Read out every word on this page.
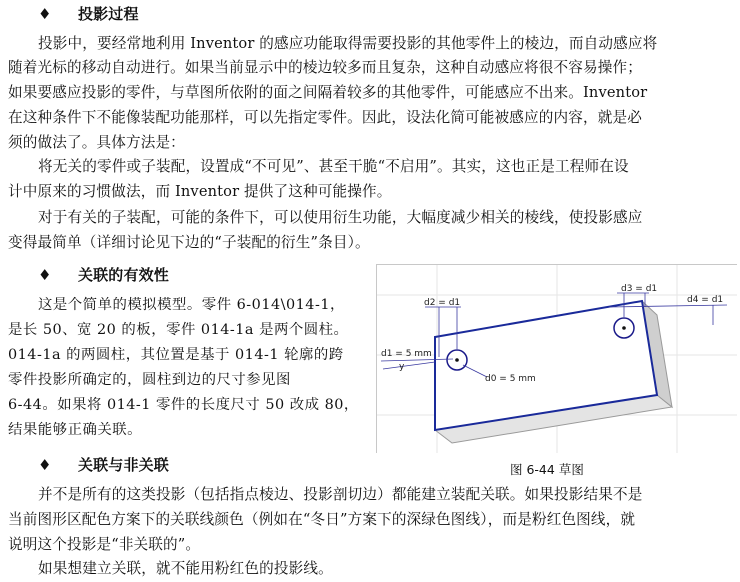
♦ 投影过程
投影中，要经常地利用 Inventor 的感应功能取得需要投影的其他零件上的棱边，而自动感应将
随着光标的移动自动进行。如果当前显示中的棱边较多而且复杂，这种自动感应将很不容易操作；
如果要感应投影的零件，与草图所依附的面之间隔着较多的其他零件，可能感应不出来。Inventor
在这种条件下不能像装配功能那样，可以先指定零件。因此，设法化简可能被感应的内容，就是必
须的做法了。具体方法是：
将无关的零件或子装配，设置成“不可见”、甚至干脆“不启用”。其实，这也正是工程师在设
计中原来的习惯做法，而 Inventor 提供了这种可能操作。
对于有关的子装配，可能的条件下，可以使用衍生功能，大幅度减少相关的棱线，使投影感应
变得最简单（详细讨论见下边的“子装配的衍生”条目）。
♦ 关联的有效性
这是个简单的模拟模型。零件 6-014\014-1，
是长 50、宽 20 的板，零件 014-1a 是两个圆柱。
014-1a 的两圆柱，其位置是基于 014-1 轮廓的跨
零件投影所确定的，圆柱到边的尺寸参见图
6-44。如果将 014-1 零件的长度尺寸 50 改成 80，
结果能够正确关联。
d2 = d1
d3 = d1
d4 = d1
d1 = 5 mm
d0 = 5 mm
y
图 6-44 草图
♦ 关联与非关联
并不是所有的这类投影（包括指点棱边、投影剖切边）都能建立装配关联。如果投影结果不是
当前图形区配色方案下的关联线颜色（例如在“冬日”方案下的深绿色图线），而是粉红色图线，就
说明这个投影是“非关联的”。
如果想建立关联，就不能用粉红色的投影线。
